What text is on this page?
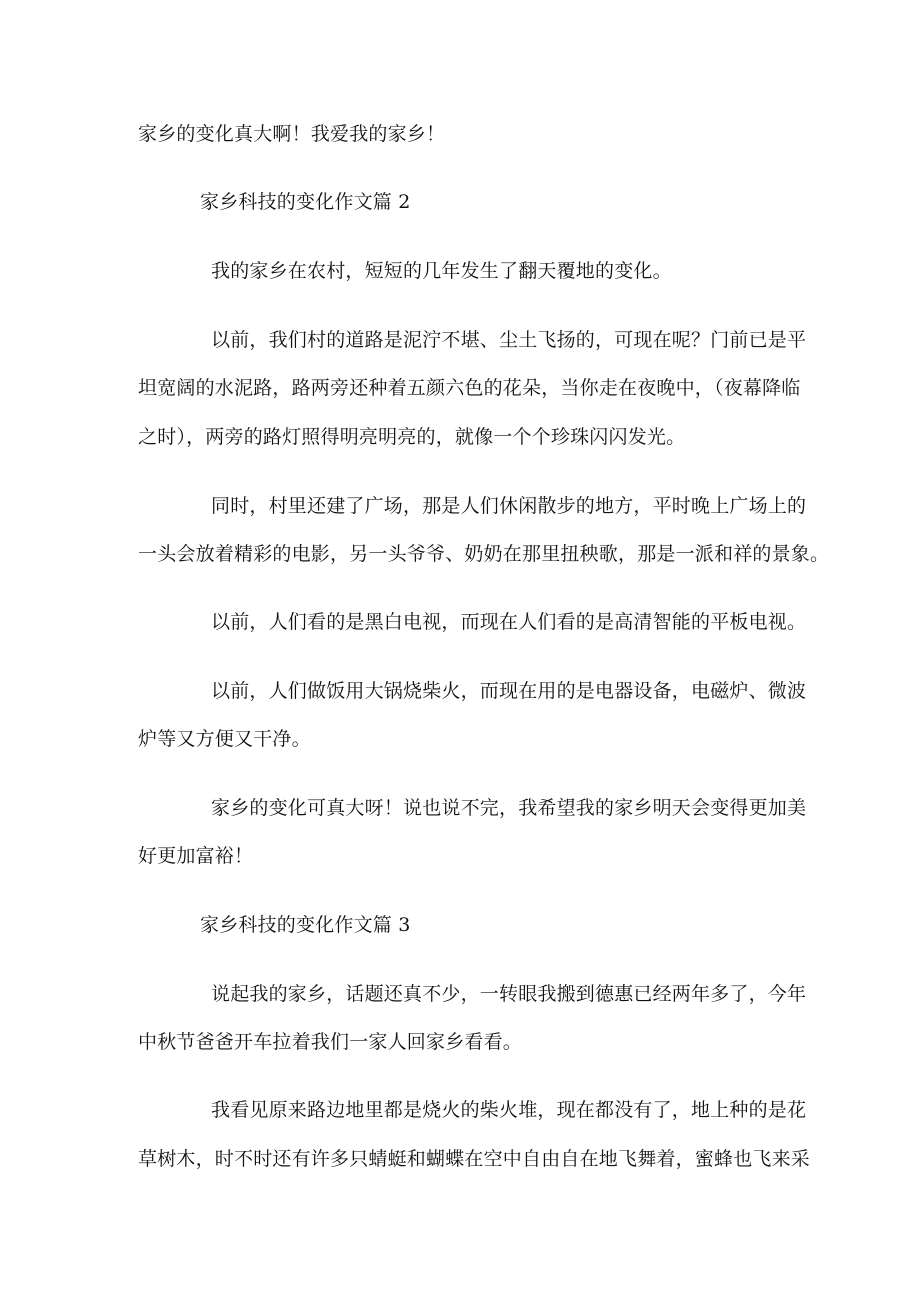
家乡的变化真大啊！我爱我的家乡！
家乡科技的变化作文篇 2
我的家乡在农村，短短的几年发生了翻天覆地的变化。
以前，我们村的道路是泥泞不堪、尘土飞扬的，可现在呢？门前已是平
坦宽阔的水泥路，路两旁还种着五颜六色的花朵，当你走在夜晚中，（夜幕降临
之时），两旁的路灯照得明亮明亮的，就像一个个珍珠闪闪发光。
同时，村里还建了广场，那是人们休闲散步的地方，平时晚上广场上的
一头会放着精彩的电影，另一头爷爷、奶奶在那里扭秧歌，那是一派和祥的景象。
以前，人们看的是黑白电视，而现在人们看的是高清智能的平板电视。
以前，人们做饭用大锅烧柴火，而现在用的是电器设备，电磁炉、微波
炉等又方便又干净。
家乡的变化可真大呀！说也说不完，我希望我的家乡明天会变得更加美
好更加富裕！
家乡科技的变化作文篇 3
说起我的家乡，话题还真不少，一转眼我搬到德惠已经两年多了，今年
中秋节爸爸开车拉着我们一家人回家乡看看。
我看见原来路边地里都是烧火的柴火堆，现在都没有了，地上种的是花
草树木，时不时还有许多只蜻蜓和蝴蝶在空中自由自在地飞舞着，蜜蜂也飞来采
